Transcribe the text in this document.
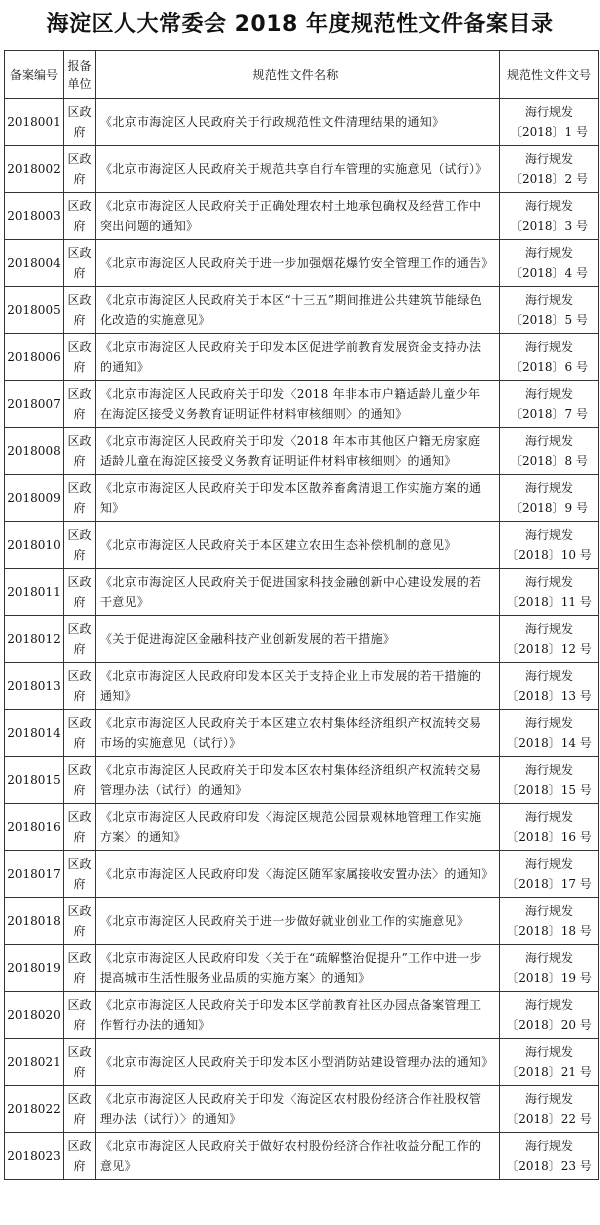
海淀区人大常委会 2018 年度规范性文件备案目录
备案编号	报备单位	规范性文件名称	规范性文件文号
2018001	区政府	《北京市海淀区人民政府关于行政规范性文件清理结果的通知》	海行规发
〔2018〕1 号

2018002	区政府	《北京市海淀区人民政府关于规范共享自行车管理的实施意见（试行）》	海行规发
〔2018〕2 号

2018003	区政府	《北京市海淀区人民政府关于正确处理农村土地承包确权及经营工作中突出问题的通知》	海行规发
〔2018〕3 号

2018004	区政府	《北京市海淀区人民政府关于进一步加强烟花爆竹安全管理工作的通告》	海行规发
〔2018〕4 号

2018005	区政府	《北京市海淀区人民政府关于本区“十三五”期间推进公共建筑节能绿色化改造的实施意见》	海行规发
〔2018〕5 号

2018006	区政府	《北京市海淀区人民政府关于印发本区促进学前教育发展资金支持办法的通知》	海行规发
〔2018〕6 号

2018007	区政府	《北京市海淀区人民政府关于印发〈2018 年非本市户籍适龄儿童少年在海淀区接受义务教育证明证件材料审核细则〉的通知》	海行规发
〔2018〕7 号

2018008	区政府	《北京市海淀区人民政府关于印发〈2018 年本市其他区户籍无房家庭适龄儿童在海淀区接受义务教育证明证件材料审核细则〉的通知》	海行规发
〔2018〕8 号

2018009	区政府	《北京市海淀区人民政府关于印发本区散养畜禽清退工作实施方案的通知》	海行规发
〔2018〕9 号

2018010	区政府	《北京市海淀区人民政府关于本区建立农田生态补偿机制的意见》	海行规发
〔2018〕10 号

2018011	区政府	《北京市海淀区人民政府关于促进国家科技金融创新中心建设发展的若干意见》	海行规发
〔2018〕11 号

2018012	区政府	《关于促进海淀区金融科技产业创新发展的若干措施》	海行规发
〔2018〕12 号

2018013	区政府	《北京市海淀区人民政府印发本区关于支持企业上市发展的若干措施的通知》	海行规发
〔2018〕13 号

2018014	区政府	《北京市海淀区人民政府关于本区建立农村集体经济组织产权流转交易市场的实施意见（试行）》	海行规发
〔2018〕14 号

2018015	区政府	《北京市海淀区人民政府关于印发本区农村集体经济组织产权流转交易管理办法（试行）的通知》	海行规发
〔2018〕15 号

2018016	区政府	《北京市海淀区人民政府印发〈海淀区规范公园景观林地管理工作实施方案〉的通知》	海行规发
〔2018〕16 号

2018017	区政府	《北京市海淀区人民政府印发〈海淀区随军家属接收安置办法〉的通知》	海行规发
〔2018〕17 号

2018018	区政府	《北京市海淀区人民政府关于进一步做好就业创业工作的实施意见》	海行规发
〔2018〕18 号

2018019	区政府	《北京市海淀区人民政府印发〈关于在“疏解整治促提升”工作中进一步提高城市生活性服务业品质的实施方案〉的通知》	海行规发
〔2018〕19 号

2018020	区政府	《北京市海淀区人民政府关于印发本区学前教育社区办园点备案管理工作暂行办法的通知》	海行规发
〔2018〕20 号

2018021	区政府	《北京市海淀区人民政府关于印发本区小型消防站建设管理办法的通知》	海行规发
〔2018〕21 号

2018022	区政府	《北京市海淀区人民政府关于印发〈海淀区农村股份经济合作社股权管理办法（试行）〉的通知》	海行规发
〔2018〕22 号

2018023	区政府	《北京市海淀区人民政府关于做好农村股份经济合作社收益分配工作的意见》	海行规发
〔2018〕23 号
